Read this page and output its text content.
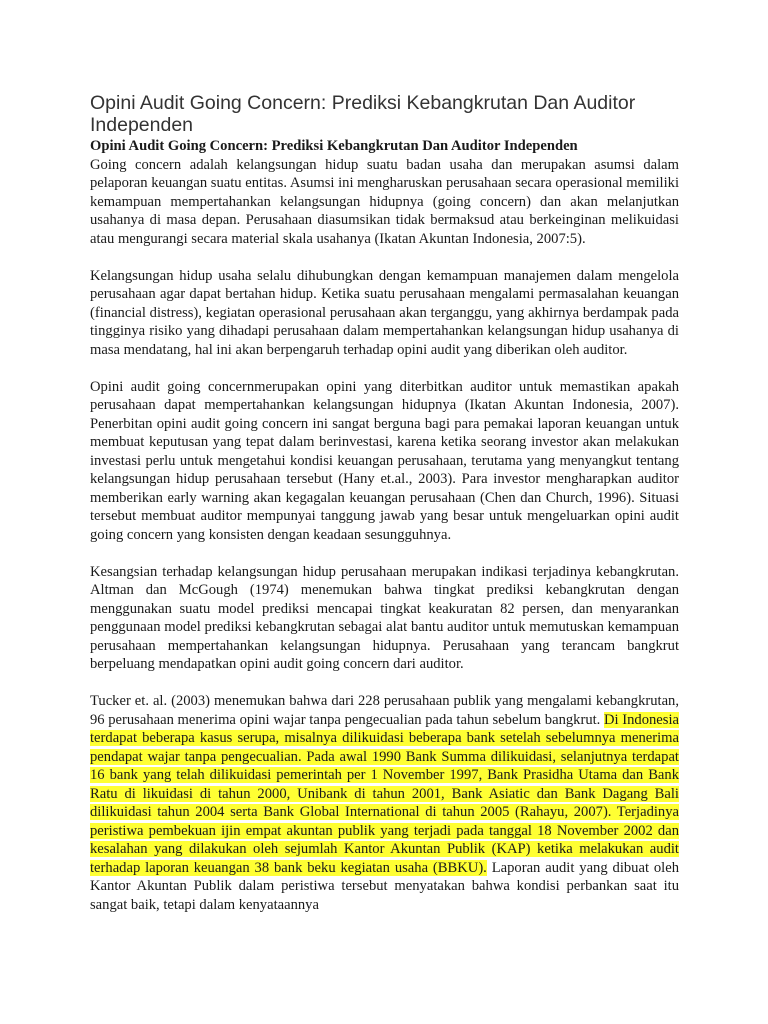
Opini Audit Going Concern: Prediksi Kebangkrutan Dan Auditor Independen

Opini Audit Going Concern: Prediksi Kebangkrutan Dan Auditor Independen

Going concern adalah kelangsungan hidup suatu badan usaha dan merupakan asumsi dalam pelaporan keuangan suatu entitas. Asumsi ini mengharuskan perusahaan secara operasional memiliki kemampuan mempertahankan kelangsungan hidupnya (going concern) dan akan melanjutkan usahanya di masa depan. Perusahaan diasumsikan tidak bermaksud atau berkeinginan melikuidasi atau mengurangi secara material skala usahanya (Ikatan Akuntan Indonesia, 2007:5).

Kelangsungan hidup usaha selalu dihubungkan dengan kemampuan manajemen dalam mengelola perusahaan agar dapat bertahan hidup. Ketika suatu perusahaan mengalami permasalahan keuangan (financial distress), kegiatan operasional perusahaan akan terganggu, yang akhirnya berdampak pada tingginya risiko yang dihadapi perusahaan dalam mempertahankan kelangsungan hidup usahanya di masa mendatang, hal ini akan berpengaruh terhadap opini audit yang diberikan oleh auditor.

Opini audit going concernmerupakan opini yang diterbitkan auditor untuk memastikan apakah perusahaan dapat mempertahankan kelangsungan hidupnya (Ikatan Akuntan Indonesia, 2007). Penerbitan opini audit going concern ini sangat berguna bagi para pemakai laporan keuangan untuk membuat keputusan yang tepat dalam berinvestasi, karena ketika seorang investor akan melakukan investasi perlu untuk mengetahui kondisi keuangan perusahaan, terutama yang menyangkut tentang kelangsungan hidup perusahaan tersebut (Hany et.al., 2003). Para investor mengharapkan auditor memberikan early warning akan kegagalan keuangan perusahaan (Chen dan Church, 1996). Situasi tersebut membuat auditor mempunyai tanggung jawab yang besar untuk mengeluarkan opini audit going concern yang konsisten dengan keadaan sesungguhnya.

Kesangsian terhadap kelangsungan hidup perusahaan merupakan indikasi terjadinya kebangkrutan. Altman dan McGough (1974) menemukan bahwa tingkat prediksi kebangkrutan dengan menggunakan suatu model prediksi mencapai tingkat keakuratan 82 persen, dan menyarankan penggunaan model prediksi kebangkrutan sebagai alat bantu auditor untuk memutuskan kemampuan perusahaan mempertahankan kelangsungan hidupnya. Perusahaan yang terancam bangkrut berpeluang mendapatkan opini audit going concern dari auditor.

Tucker et. al. (2003) menemukan bahwa dari 228 perusahaan publik yang mengalami kebangkrutan, 96 perusahaan menerima opini wajar tanpa pengecualian pada tahun sebelum bangkrut. Di Indonesia terdapat beberapa kasus serupa, misalnya dilikuidasi beberapa bank setelah sebelumnya menerima pendapat wajar tanpa pengecualian. Pada awal 1990 Bank Summa dilikuidasi, selanjutnya terdapat 16 bank yang telah dilikuidasi pemerintah per 1 November 1997, Bank Prasidha Utama dan Bank Ratu di likuidasi di tahun 2000, Unibank di tahun 2001, Bank Asiatic dan Bank Dagang Bali dilikuidasi tahun 2004 serta Bank Global International di tahun 2005 (Rahayu, 2007). Terjadinya peristiwa pembekuan ijin empat akuntan publik yang terjadi pada tanggal 18 November 2002 dan kesalahan yang dilakukan oleh sejumlah Kantor Akuntan Publik (KAP) ketika melakukan audit terhadap laporan keuangan 38 bank beku kegiatan usaha (BBKU). Laporan audit yang dibuat oleh Kantor Akuntan Publik dalam peristiwa tersebut menyatakan bahwa kondisi perbankan saat itu sangat baik, tetapi dalam kenyataannya
